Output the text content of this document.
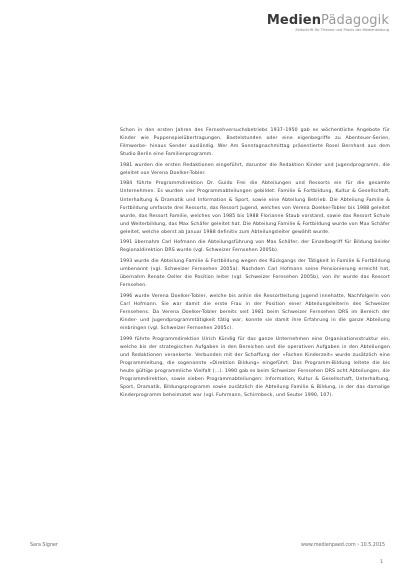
MedienPädagogik
Zeitschrift für Theorie und Praxis der Medienbildung

Schon in den ersten Jahren des Fernsehversuchsbetriebs 1937–1950 gab es wöchentliche Angebote für Kinder wie Puppenspielübertragungen, Bastelstunden oder eine eigenbegriffe zu Abenteuer-Serien, Filmwerbe- hinaus Sender ausländig. Wer Am Sonntagnachmittag präsentierte Rosel Bernhard aus dem Studio Berlin eine Familienprogramm.

1981 wurden die ersten Redaktionen eingeführt, darunter die Redaktion Kinder und Jugendprogramm, die geleitet von Verena Doelker-Tobler.

1984 führte Programmdirektion Dr. Guido Frei die Abteilungen und Ressorts ein für die gesamte Unternehmen. Es wurden vier Programmabteilungen gebildet: Familie & Fortbildung, Kultur & Gesellschaft, Unterhaltung & Dramatik und Information & Sport, sowie eine Abteilung Betrieb. Die Abteilung Familie & Fortbildung umfasste drei Ressorts, das Ressort Jugend, welches von Verena Doelker-Tobler bis 1988 geleitet wurde, das Ressort Familie, welches von 1985 bis 1988 Florianne Staub vorstand, sowie das Ressort Schule und Weiterbildung, das Max Schäfer geleitet hat. Die Abteilung Familie & Fortbildung wurde von Max Schäfer geleitet, welche oberst ab Januar 1988 definitiv zum Abteilungsleiter gewählt wurde.

1991 übernahm Carl Hofmann die Abteilungsführung von Max Schäfer, der Einzelbegriff für Bildung beider Regionaldirektion DRS wurde (vgl. Schweizer Fernsehen 2005b).

1993 wurde die Abteilung Familie & Fortbildung wegen des Rückgangs der Tätigkeit in Familie & Fortbildung umbenannt (vgl. Schweizer Fernsehen 2005a). Nachdem Carl Hofmann seine Pensionierung erreicht hat, übernahm Renate Oeller die Position leiter (vgl. Schweizer Fernsehen 2005b), von ihr wurde das Ressort Fernsehen.

1996 wurde Verena Doelker-Tobler, welche bis anhin die Ressortleitung Jugend innehatte, Nachfolgerin von Carl Hofmann. Sie war damit die erste Frau in der Position einer Abteilungsleiterin des Schweizer Fernsehens. Da Verena Doelker-Tobler bereits seit 1981 beim Schweizer Fernsehen DRS im Bereich der Kinder- und Jugendprogrammtätigkeit tätig war, konnte sie damit ihre Erfahrung in die ganze Abteilung einbringen (vgl. Schweizer Fernsehen 2005c).

1999 führte Programmdirektion Ulrich Kündig für das ganze Unternehmen eine Organisationsstruktur ein, welche bis der strategischen Aufgaben in den Bereichen und die operativen Aufgaben in den Abteilungen und Redaktionen verankerte. Verbunden mit der Schaffung der »Fachen Kinderzeit« wurde zusätzlich eine Programmleitung, die sogenannte »Direktion Bildung« eingeführt. Das Programm-Bildung leitete die bis heute gültige programmliche Vielfalt (…). 1990 gab es beim Schweizer Fernsehen DRS acht Abteilungen, die Programmdirektion, sowie sieben Programmabteilungen: Information, Kultur & Gesellschaft, Unterhaltung, Sport, Dramatik, Bildungsprogramm sowie zusätzlich die Abteilung Familie & Bildung, in der das damalige Kinderprogramm beheimatet war (vgl. Fuhrmann, Schirmbeck, und Seuter 1990, 107).

Sara Signer	www.medienpaed.com › 10.5.2015
1
